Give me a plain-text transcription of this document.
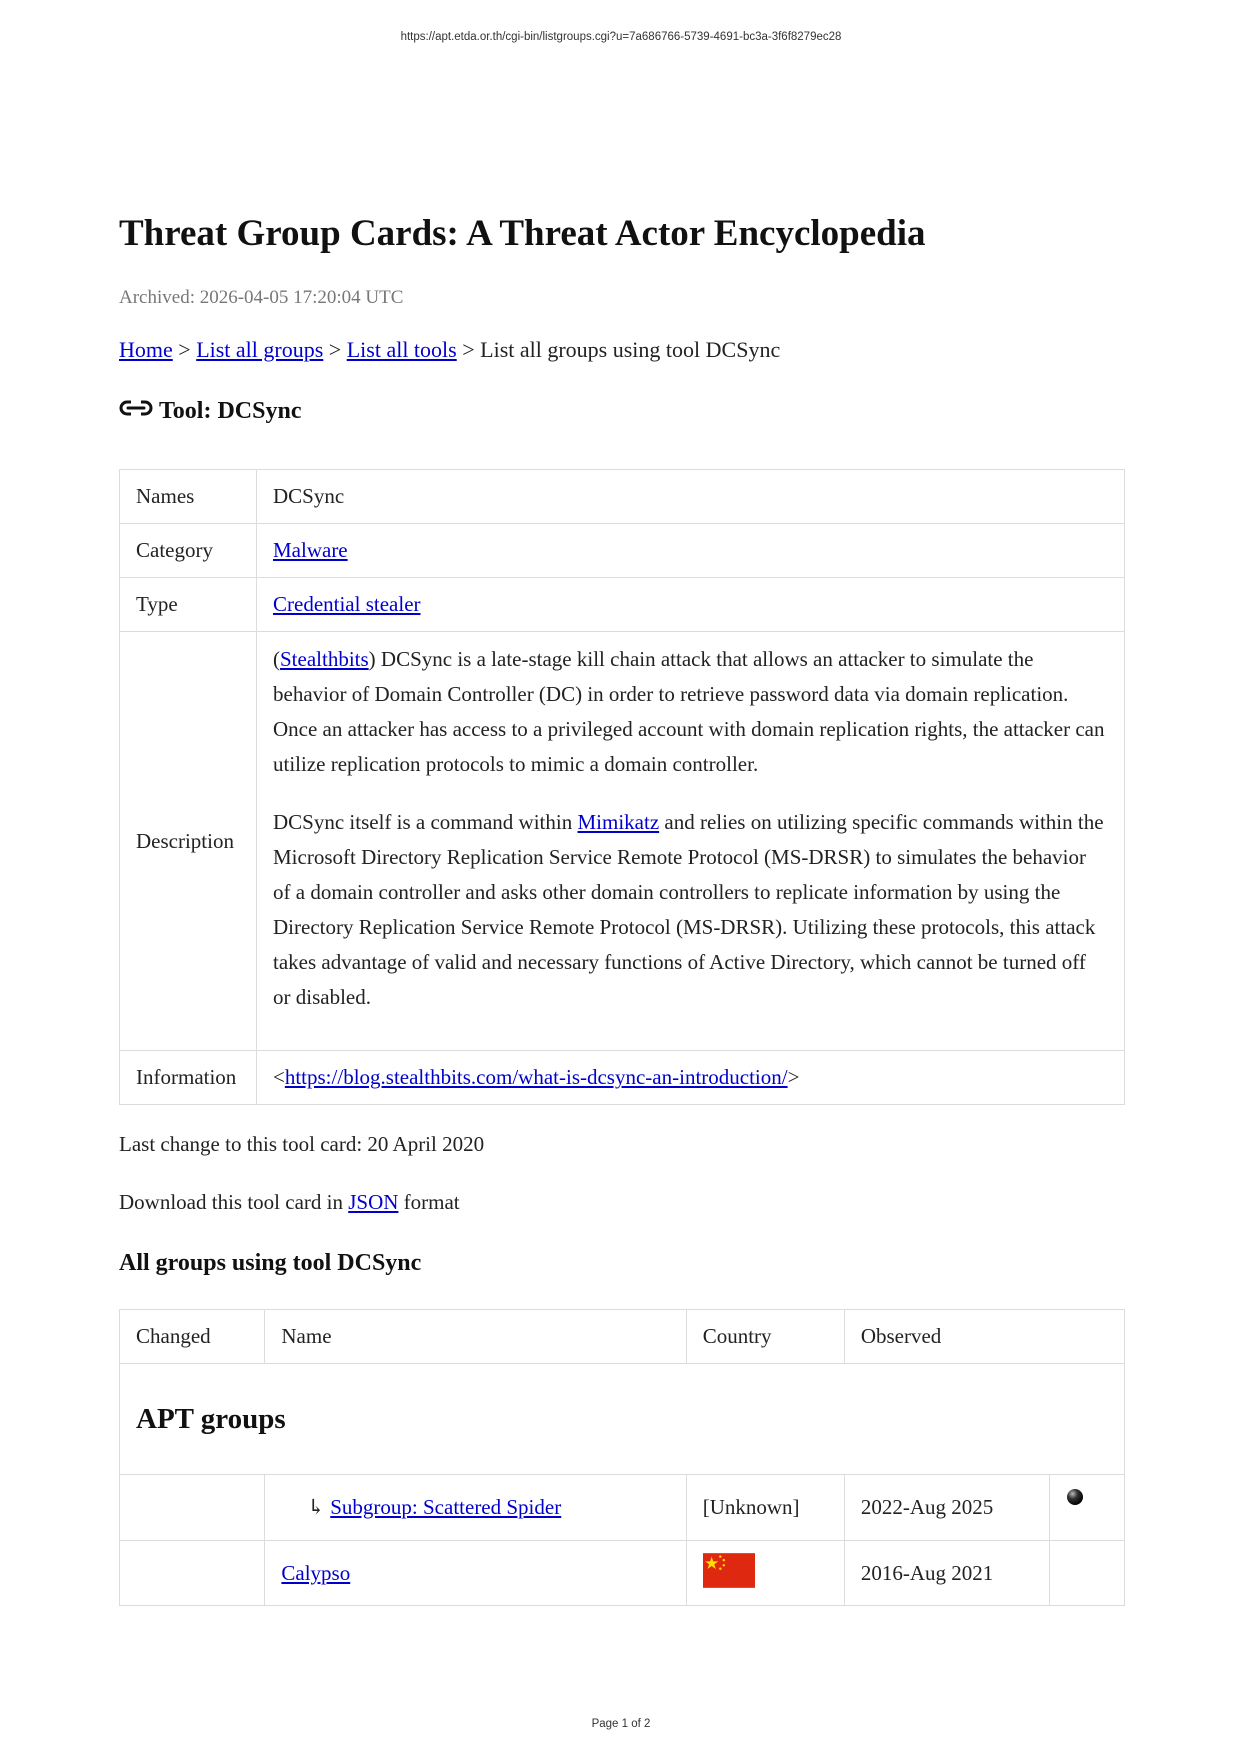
https://apt.etda.or.th/cgi-bin/listgroups.cgi?u=7a686766-5739-4691-bc3a-3f6f8279ec28
Threat Group Cards: A Threat Actor Encyclopedia
Archived: 2026-04-05 17:20:04 UTC
Home > List all groups > List all tools > List all groups using tool DCSync
Tool: DCSync
Names	DCSync
Category	Malware
Type	Credential stealer
Description	(Stealthbits) DCSync is a late-stage kill chain attack that allows an attacker to simulate the behavior of Domain Controller (DC) in order to retrieve password data via domain replication. Once an attacker has access to a privileged account with domain replication rights, the attacker can utilize replication protocols to mimic a domain controller.

DCSync itself is a command within Mimikatz and relies on utilizing specific commands within the Microsoft Directory Replication Service Remote Protocol (MS-DRSR) to simulates the behavior of a domain controller and asks other domain controllers to replicate information by using the Directory Replication Service Remote Protocol (MS-DRSR). Utilizing these protocols, this attack takes advantage of valid and necessary functions of Active Directory, which cannot be turned off or disabled.

Information	<https://blog.stealthbits.com/what-is-dcsync-an-introduction/>
Last change to this tool card: 20 April 2020
Download this tool card in JSON format
All groups using tool DCSync
Changed	Name	Country	Observed	
APT groups				
	↳ Subgroup: Scattered Spider	[Unknown]	2022-Aug 2025	
	Calypso		2016-Aug 2021	
Page 1 of 2
